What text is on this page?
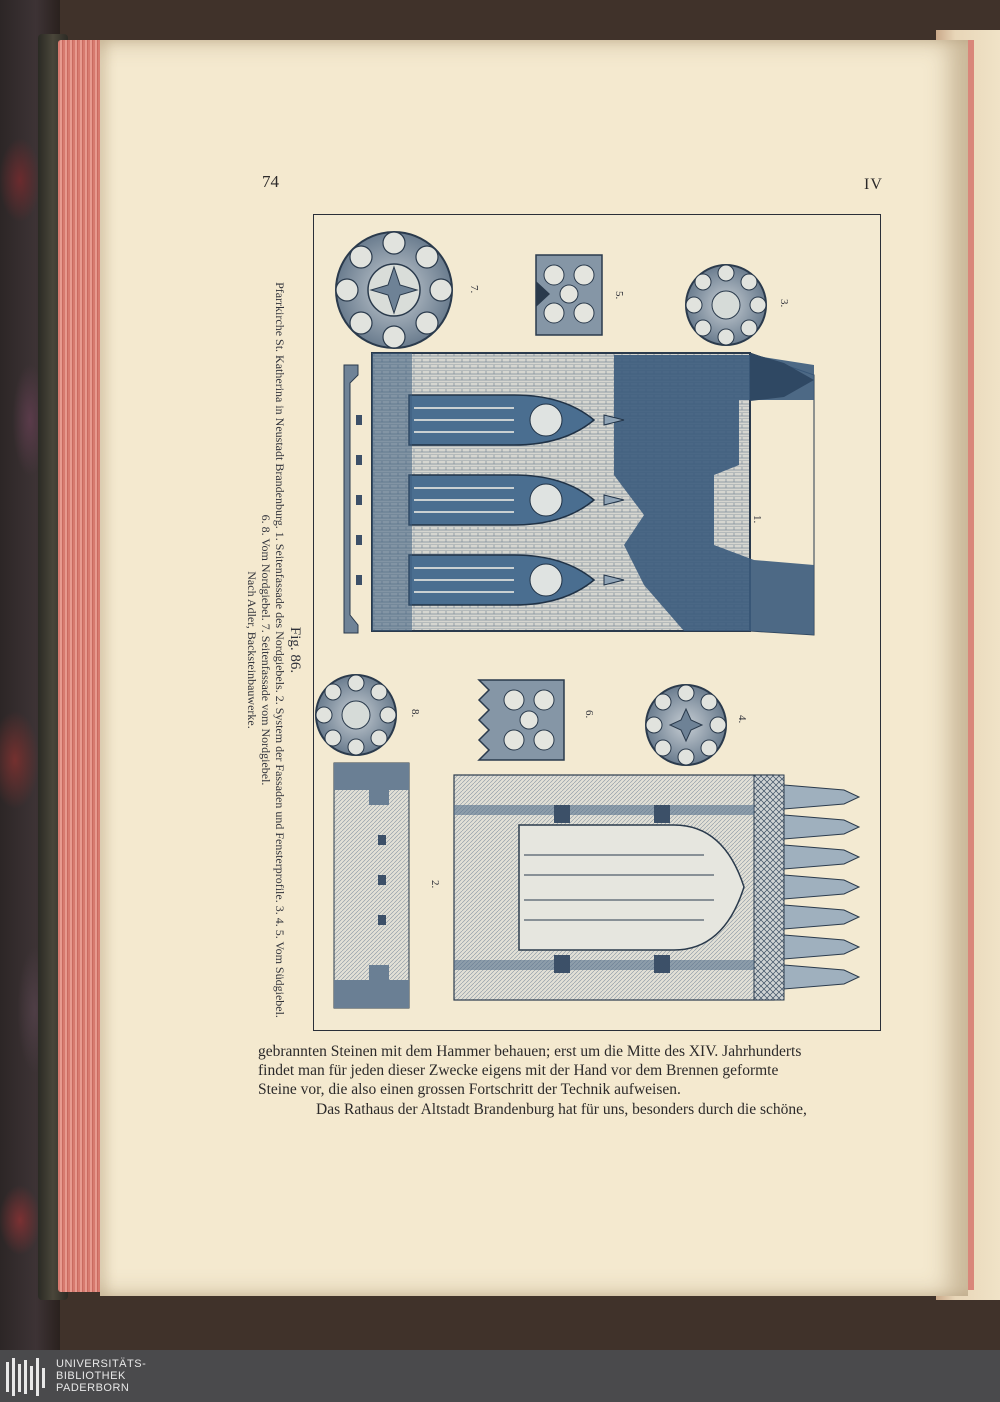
74	IV
7.
5.
3.
1.
4.
6.
8.
2.
Fig. 86.
Pfarrkirche St. Katherina in Neustadt Brandenburg. 1. Seitenfassade des Nordgiebels. 2. System der Fassaden und Fensterprofile. 3. 4. 5. Vom Südgiebel.
6. 8. Vom Nordgiebel. 7. Seitenfassade vom Nordgiebel.
Nach Adler, Backsteinbauwerke.

gebrannten Steinen mit dem Hammer behauen; erst um die Mitte des XIV. Jahrhunderts

findet man für jeden dieser Zwecke eigens mit der Hand vor dem Brennen geformte

Steine vor, die also einen grossen Fortschritt der Technik aufweisen.

Das Rathaus der Altstadt Brandenburg hat für uns, besonders durch die schöne,

UNIVERSITÄTS-
BIBLIOTHEK
PADERBORN
